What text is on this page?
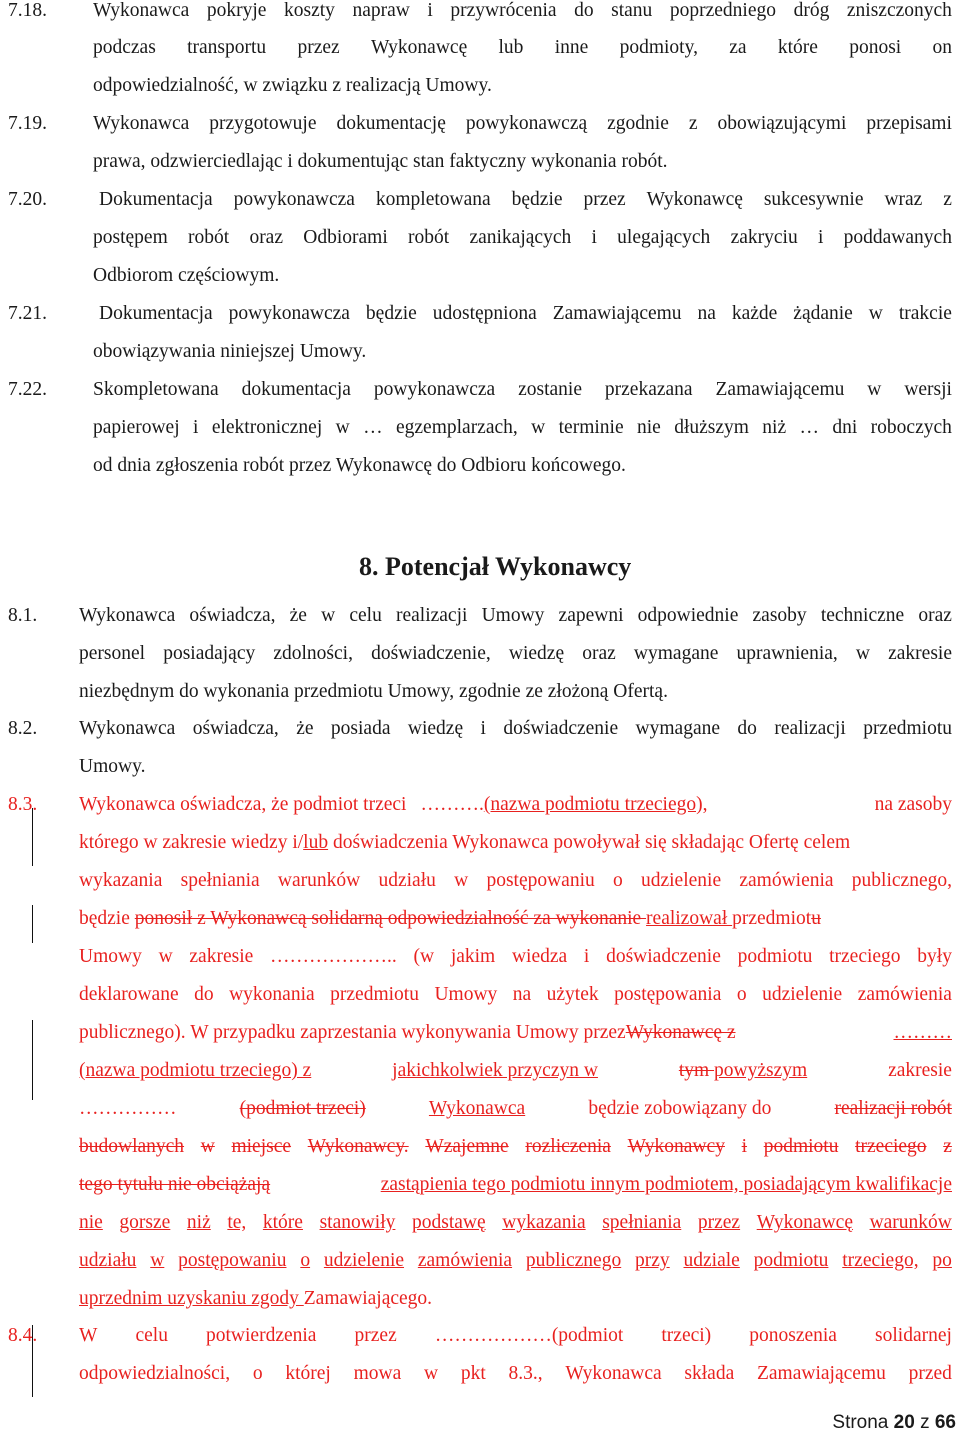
7.18. Wykonawca pokryje koszty napraw i przywrócenia do stanu poprzedniego dróg zniszczonych
podczas transportu przez Wykonawcę lub inne podmioty, za które ponosi on
odpowiedzialność, w związku z realizacją Umowy.
7.19. Wykonawca przygotowuje dokumentację powykonawczą zgodnie z obowiązującymi przepisami
prawa, odzwierciedlając i dokumentując stan faktyczny wykonania robót.
7.20.	Dokumentacja powykonawcza kompletowana będzie przez Wykonawcę sukcesywnie wraz z
postępem robót oraz Odbiorami robót zanikających i ulegających zakryciu i poddawanych
Odbiorom częściowym.
7.21.	Dokumentacja powykonawcza będzie udostępniona Zamawiającemu na każde żądanie w trakcie
obowiązywania niniejszej Umowy.
7.22. Skompletowana dokumentacja powykonawcza zostanie przekazana Zamawiającemu w wersji
papierowej i elektronicznej w … egzemplarzach, w terminie nie dłuższym niż … dni roboczych
od dnia zgłoszenia robót przez Wykonawcę do Odbioru końcowego.
8. Potencjał Wykonawcy
8.1. Wykonawca oświadcza, że w celu realizacji Umowy zapewni odpowiednie zasoby techniczne oraz
personel posiadający zdolności, doświadczenie, wiedzę oraz wymagane uprawnienia, w zakresie
niezbędnym do wykonania przedmiotu Umowy, zgodnie ze złożoną Ofertą.
8.2. Wykonawca oświadcza, że posiada wiedzę i doświadczenie wymagane do realizacji przedmiotu
Umowy.
8.3. Wykonawca oświadcza, że podmiot trzeci ………. (nazwa podmiotu trzeciego),	na zasoby
którego w zakresie wiedzy i/lub doświadczenia Wykonawca powoływał się składając Ofertę celem
wykazania spełniania warunków udziału w postępowaniu o udzielenie zamówienia publicznego,
będzie ponosił z Wykonawcą solidarną odpowiedzialność za wykonanie realizował przedmiotu
Umowy w zakresie ……………….. (w jakim wiedza i doświadczenie podmiotu trzeciego były
deklarowane do wykonania przedmiotu Umowy na użytek postępowania o udzielenie zamówienia
publicznego). W przypadku zaprzestania wykonywania Umowy przez Wykonawcę z	………
(nazwa podmiotu trzeciego) z	jakichkolwiek przyczyn w	tym powyższym	zakresie
……………	(podmiot trzeci)	Wykonawca	będzie zobowiązany do	realizacji robót
budowlanych w miejsce Wykonawcy. Wzajemne rozliczenia Wykonawcy i podmiotu trzeciego z
tego tytułu nie obciążają	zastąpienia tego podmiotu innym podmiotem, posiadającym kwalifikacje
nie gorsze niż te, które stanowiły podstawę wykazania spełniania przez Wykonawcę warunków
udziału w postępowaniu o udzielenie zamówienia publicznego przy udziale podmiotu trzeciego, po
uprzednim uzyskaniu zgody Zamawiającego.
8.4. W celu potwierdzenia przez ………………(podmiot trzeci) ponoszenia solidarnej
odpowiedzialności, o której mowa w pkt 8.3., Wykonawca składa Zamawiającemu przed
Strona 20 z 66
